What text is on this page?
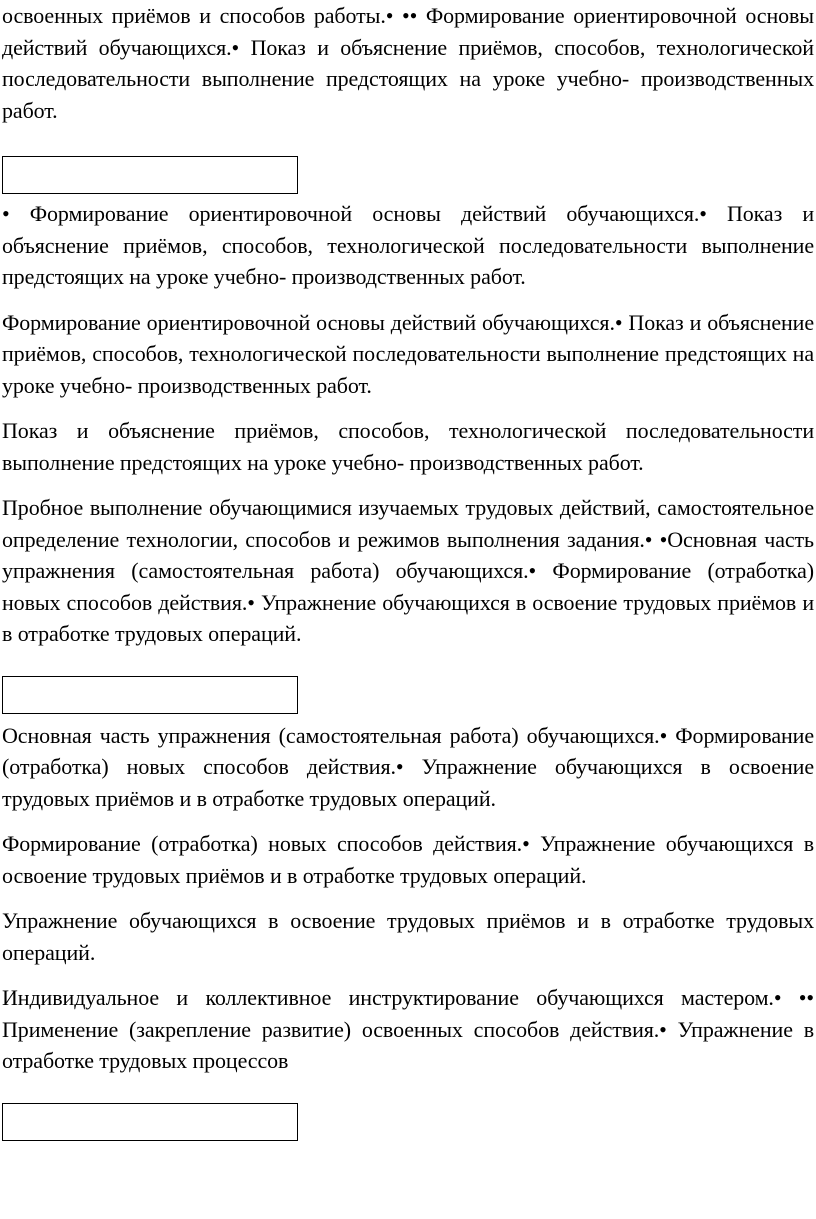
освоенных приёмов и способов работы.• •• Формирование ориентировочной основы действий обучающихся.• Показ и объяснение приёмов, способов, технологической последовательности выполнение предстоящих на уроке учебно- производственных работ.

• Формирование ориентировочной основы действий обучающихся.• Показ и объяснение приёмов, способов, технологической последовательности выполнение предстоящих на уроке учебно- производственных работ.

Формирование ориентировочной основы действий обучающихся.• Показ и объяснение приёмов, способов, технологической последовательности выполнение предстоящих на уроке учебно- производственных работ.

Показ и объяснение приёмов, способов, технологической последовательности выполнение предстоящих на уроке учебно- производственных работ.

Пробное выполнение обучающимися изучаемых трудовых действий, самостоятельное определение технологии, способов и режимов выполнения задания.• •Основная часть упражнения (самостоятельная работа) обучающихся.• Формирование (отработка) новых способов действия.• Упражнение обучающихся в освоение трудовых приёмов и в отработке трудовых операций.

Основная часть упражнения (самостоятельная работа) обучающихся.• Формирование (отработка) новых способов действия.• Упражнение обучающихся в освоение трудовых приёмов и в отработке трудовых операций.

Формирование (отработка) новых способов действия.• Упражнение обучающихся в освоение трудовых приёмов и в отработке трудовых операций.

Упражнение обучающихся в освоение трудовых приёмов и в отработке трудовых операций.

Индивидуальное и коллективное инструктирование обучающихся мастером.• •• Применение (закрепление развитие) освоенных способов действия.• Упражнение в отработке трудовых процессов
